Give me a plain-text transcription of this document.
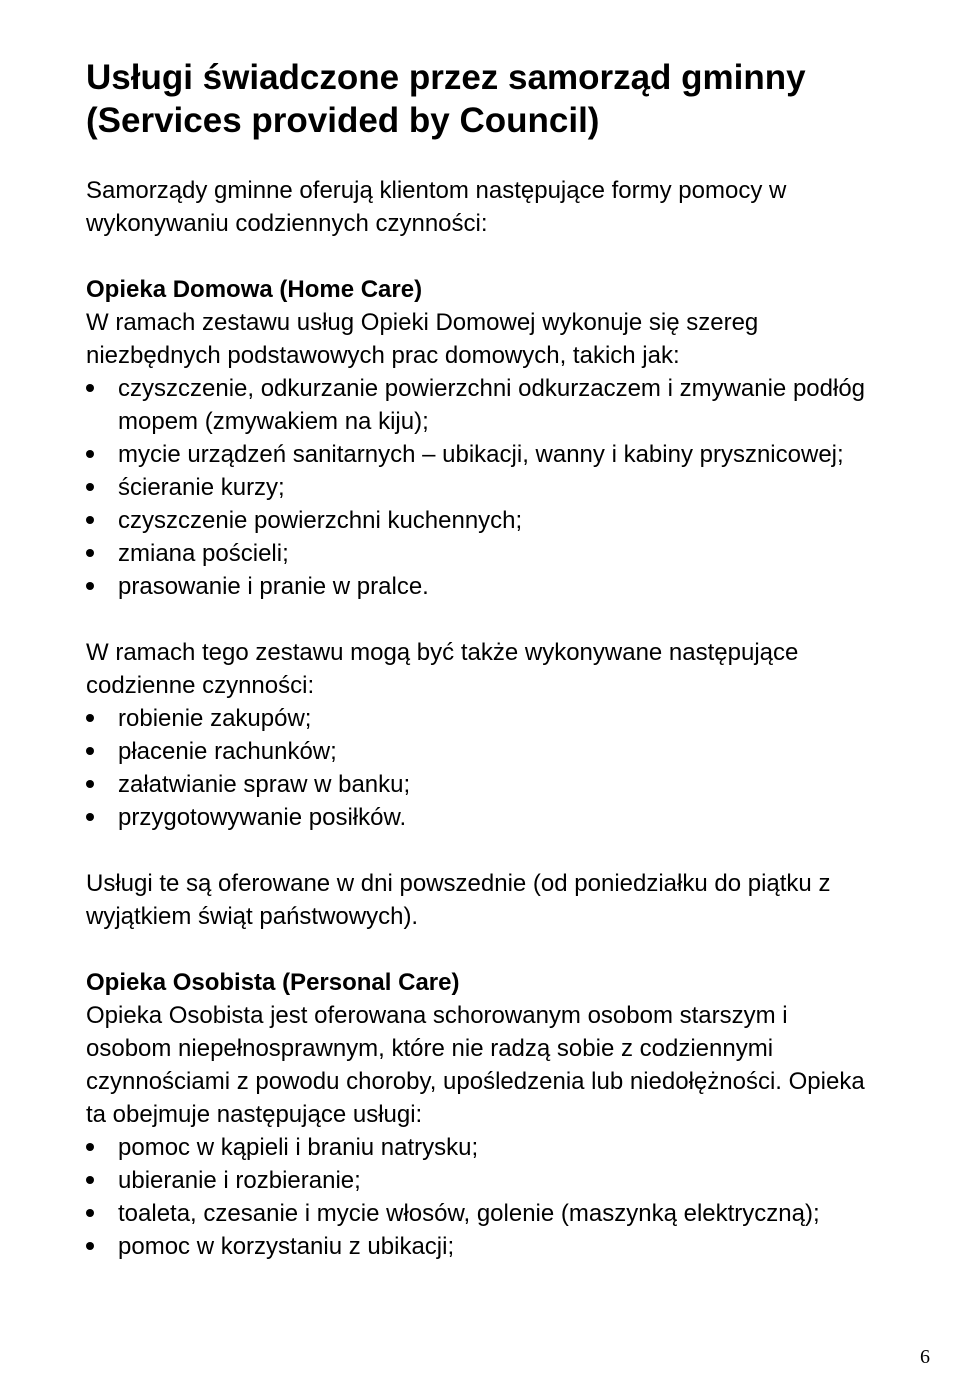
Usługi świadczone przez samorząd gminny (Services provided by Council)
Samorządy gminne oferują klientom następujące formy pomocy w wykonywaniu codziennych czynności:
Opieka Domowa (Home Care)
W ramach zestawu usług Opieki Domowej wykonuje się szereg niezbędnych podstawowych prac domowych, takich jak:
czyszczenie, odkurzanie powierzchni odkurzaczem i zmywanie podłóg mopem (zmywakiem na kiju);
mycie urządzeń sanitarnych – ubikacji, wanny i kabiny prysznicowej;
ścieranie kurzy;
czyszczenie powierzchni kuchennych;
zmiana pościeli;
prasowanie i pranie w pralce.
W ramach tego zestawu mogą być także wykonywane następujące codzienne czynności:
robienie zakupów;
płacenie rachunków;
załatwianie spraw w banku;
przygotowywanie posiłków.
Usługi te są oferowane w dni powszednie (od poniedziałku do piątku z wyjątkiem świąt państwowych).
Opieka Osobista (Personal Care)
Opieka Osobista jest oferowana schorowanym osobom starszym i osobom niepełnosprawnym, które nie radzą sobie z codziennymi czynnościami z powodu choroby, upośledzenia lub niedołężności. Opieka ta obejmuje następujące usługi:
pomoc w kąpieli i braniu natrysku;
ubieranie i rozbieranie;
toaleta, czesanie i mycie włosów, golenie (maszynką elektryczną);
pomoc w korzystaniu z ubikacji;
6
